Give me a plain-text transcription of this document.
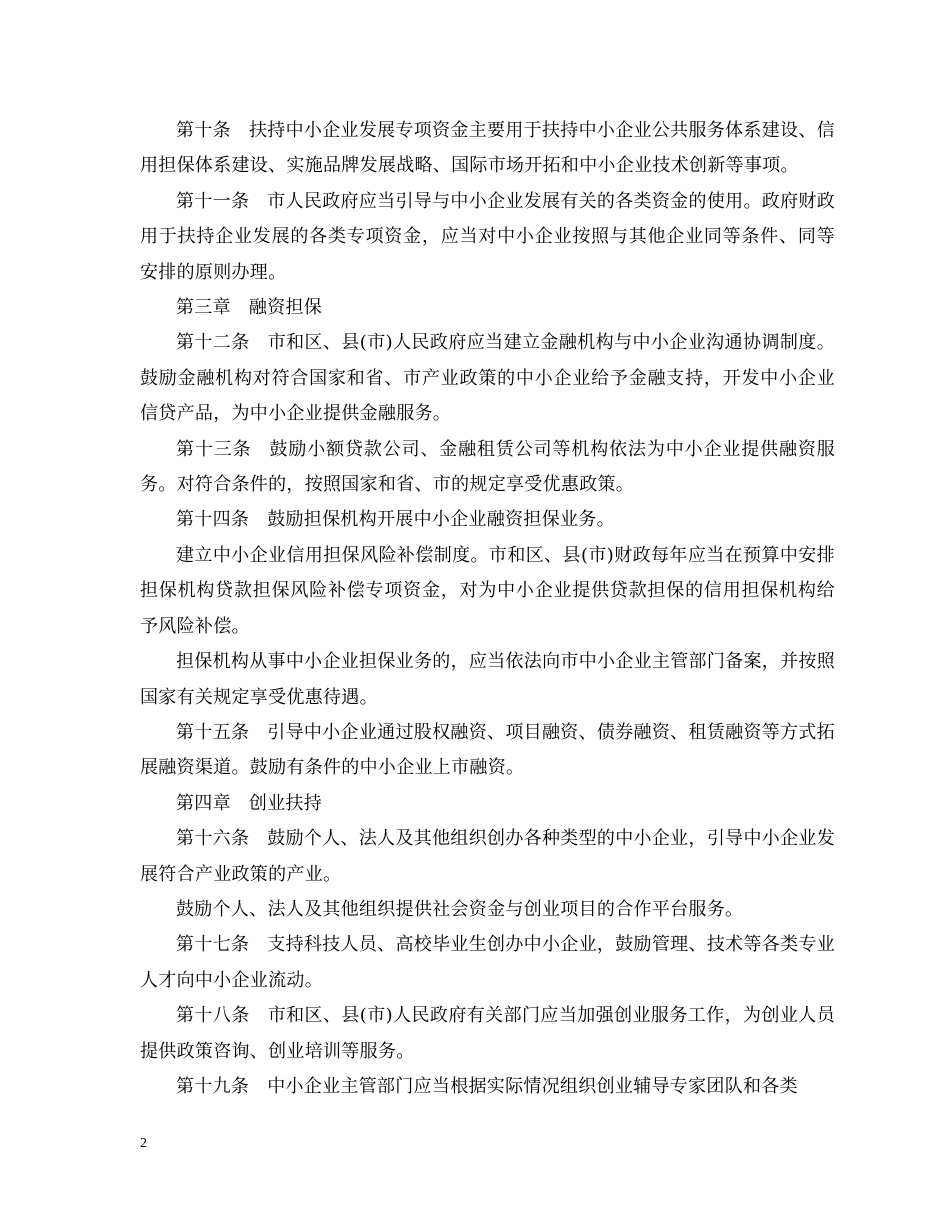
第十条 扶持中小企业发展专项资金主要用于扶持中小企业公共服务体系建设、信用担保体系建设、实施品牌发展战略、国际市场开拓和中小企业技术创新等事项。

第十一条 市人民政府应当引导与中小企业发展有关的各类资金的使用。政府财政用于扶持企业发展的各类专项资金，应当对中小企业按照与其他企业同等条件、同等安排的原则办理。

第三章 融资担保

第十二条 市和区、县(市)人民政府应当建立金融机构与中小企业沟通协调制度。鼓励金融机构对符合国家和省、市产业政策的中小企业给予金融支持，开发中小企业信贷产品，为中小企业提供金融服务。

第十三条 鼓励小额贷款公司、金融租赁公司等机构依法为中小企业提供融资服务。对符合条件的，按照国家和省、市的规定享受优惠政策。

第十四条 鼓励担保机构开展中小企业融资担保业务。

建立中小企业信用担保风险补偿制度。市和区、县(市)财政每年应当在预算中安排担保机构贷款担保风险补偿专项资金，对为中小企业提供贷款担保的信用担保机构给予风险补偿。

担保机构从事中小企业担保业务的，应当依法向市中小企业主管部门备案，并按照国家有关规定享受优惠待遇。

第十五条 引导中小企业通过股权融资、项目融资、债券融资、租赁融资等方式拓展融资渠道。鼓励有条件的中小企业上市融资。

第四章 创业扶持

第十六条 鼓励个人、法人及其他组织创办各种类型的中小企业，引导中小企业发展符合产业政策的产业。

鼓励个人、法人及其他组织提供社会资金与创业项目的合作平台服务。

第十七条 支持科技人员、高校毕业生创办中小企业，鼓励管理、技术等各类专业人才向中小企业流动。

第十八条 市和区、县(市)人民政府有关部门应当加强创业服务工作，为创业人员提供政策咨询、创业培训等服务。

第十九条 中小企业主管部门应当根据实际情况组织创业辅导专家团队和各类

2
